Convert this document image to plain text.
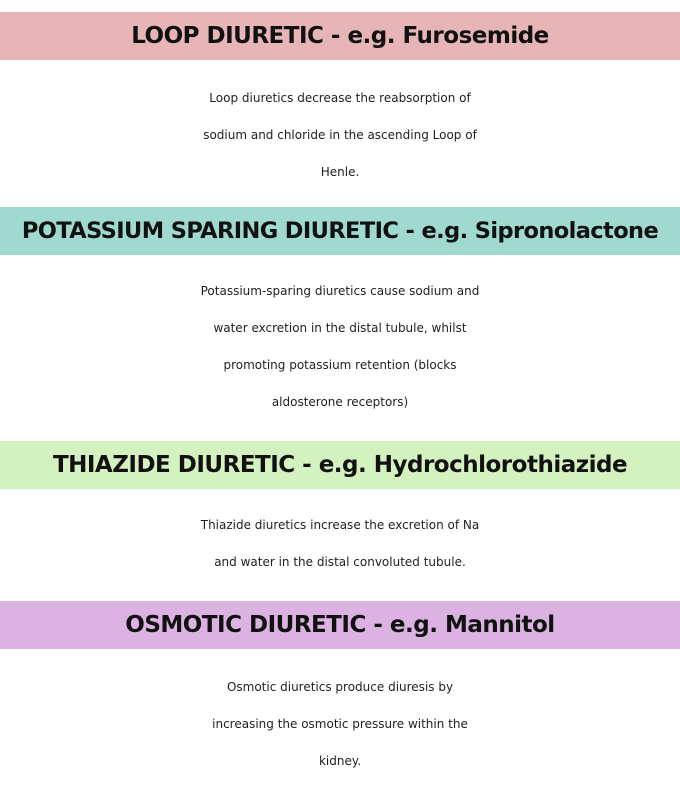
LOOP DIURETIC - e.g. Furosemide
Loop diuretics decrease the reabsorption of
sodium and chloride in the ascending Loop of
Henle.
POTASSIUM SPARING DIURETIC - e.g. Sipronolactone
Potassium-sparing diuretics cause sodium and
water excretion in the distal tubule, whilst
promoting potassium retention (blocks
aldosterone receptors)
THIAZIDE DIURETIC - e.g. Hydrochlorothiazide
Thiazide diuretics increase the excretion of Na
and water in the distal convoluted tubule.
OSMOTIC DIURETIC - e.g. Mannitol
Osmotic diuretics produce diuresis by
increasing the osmotic pressure within the
kidney.
